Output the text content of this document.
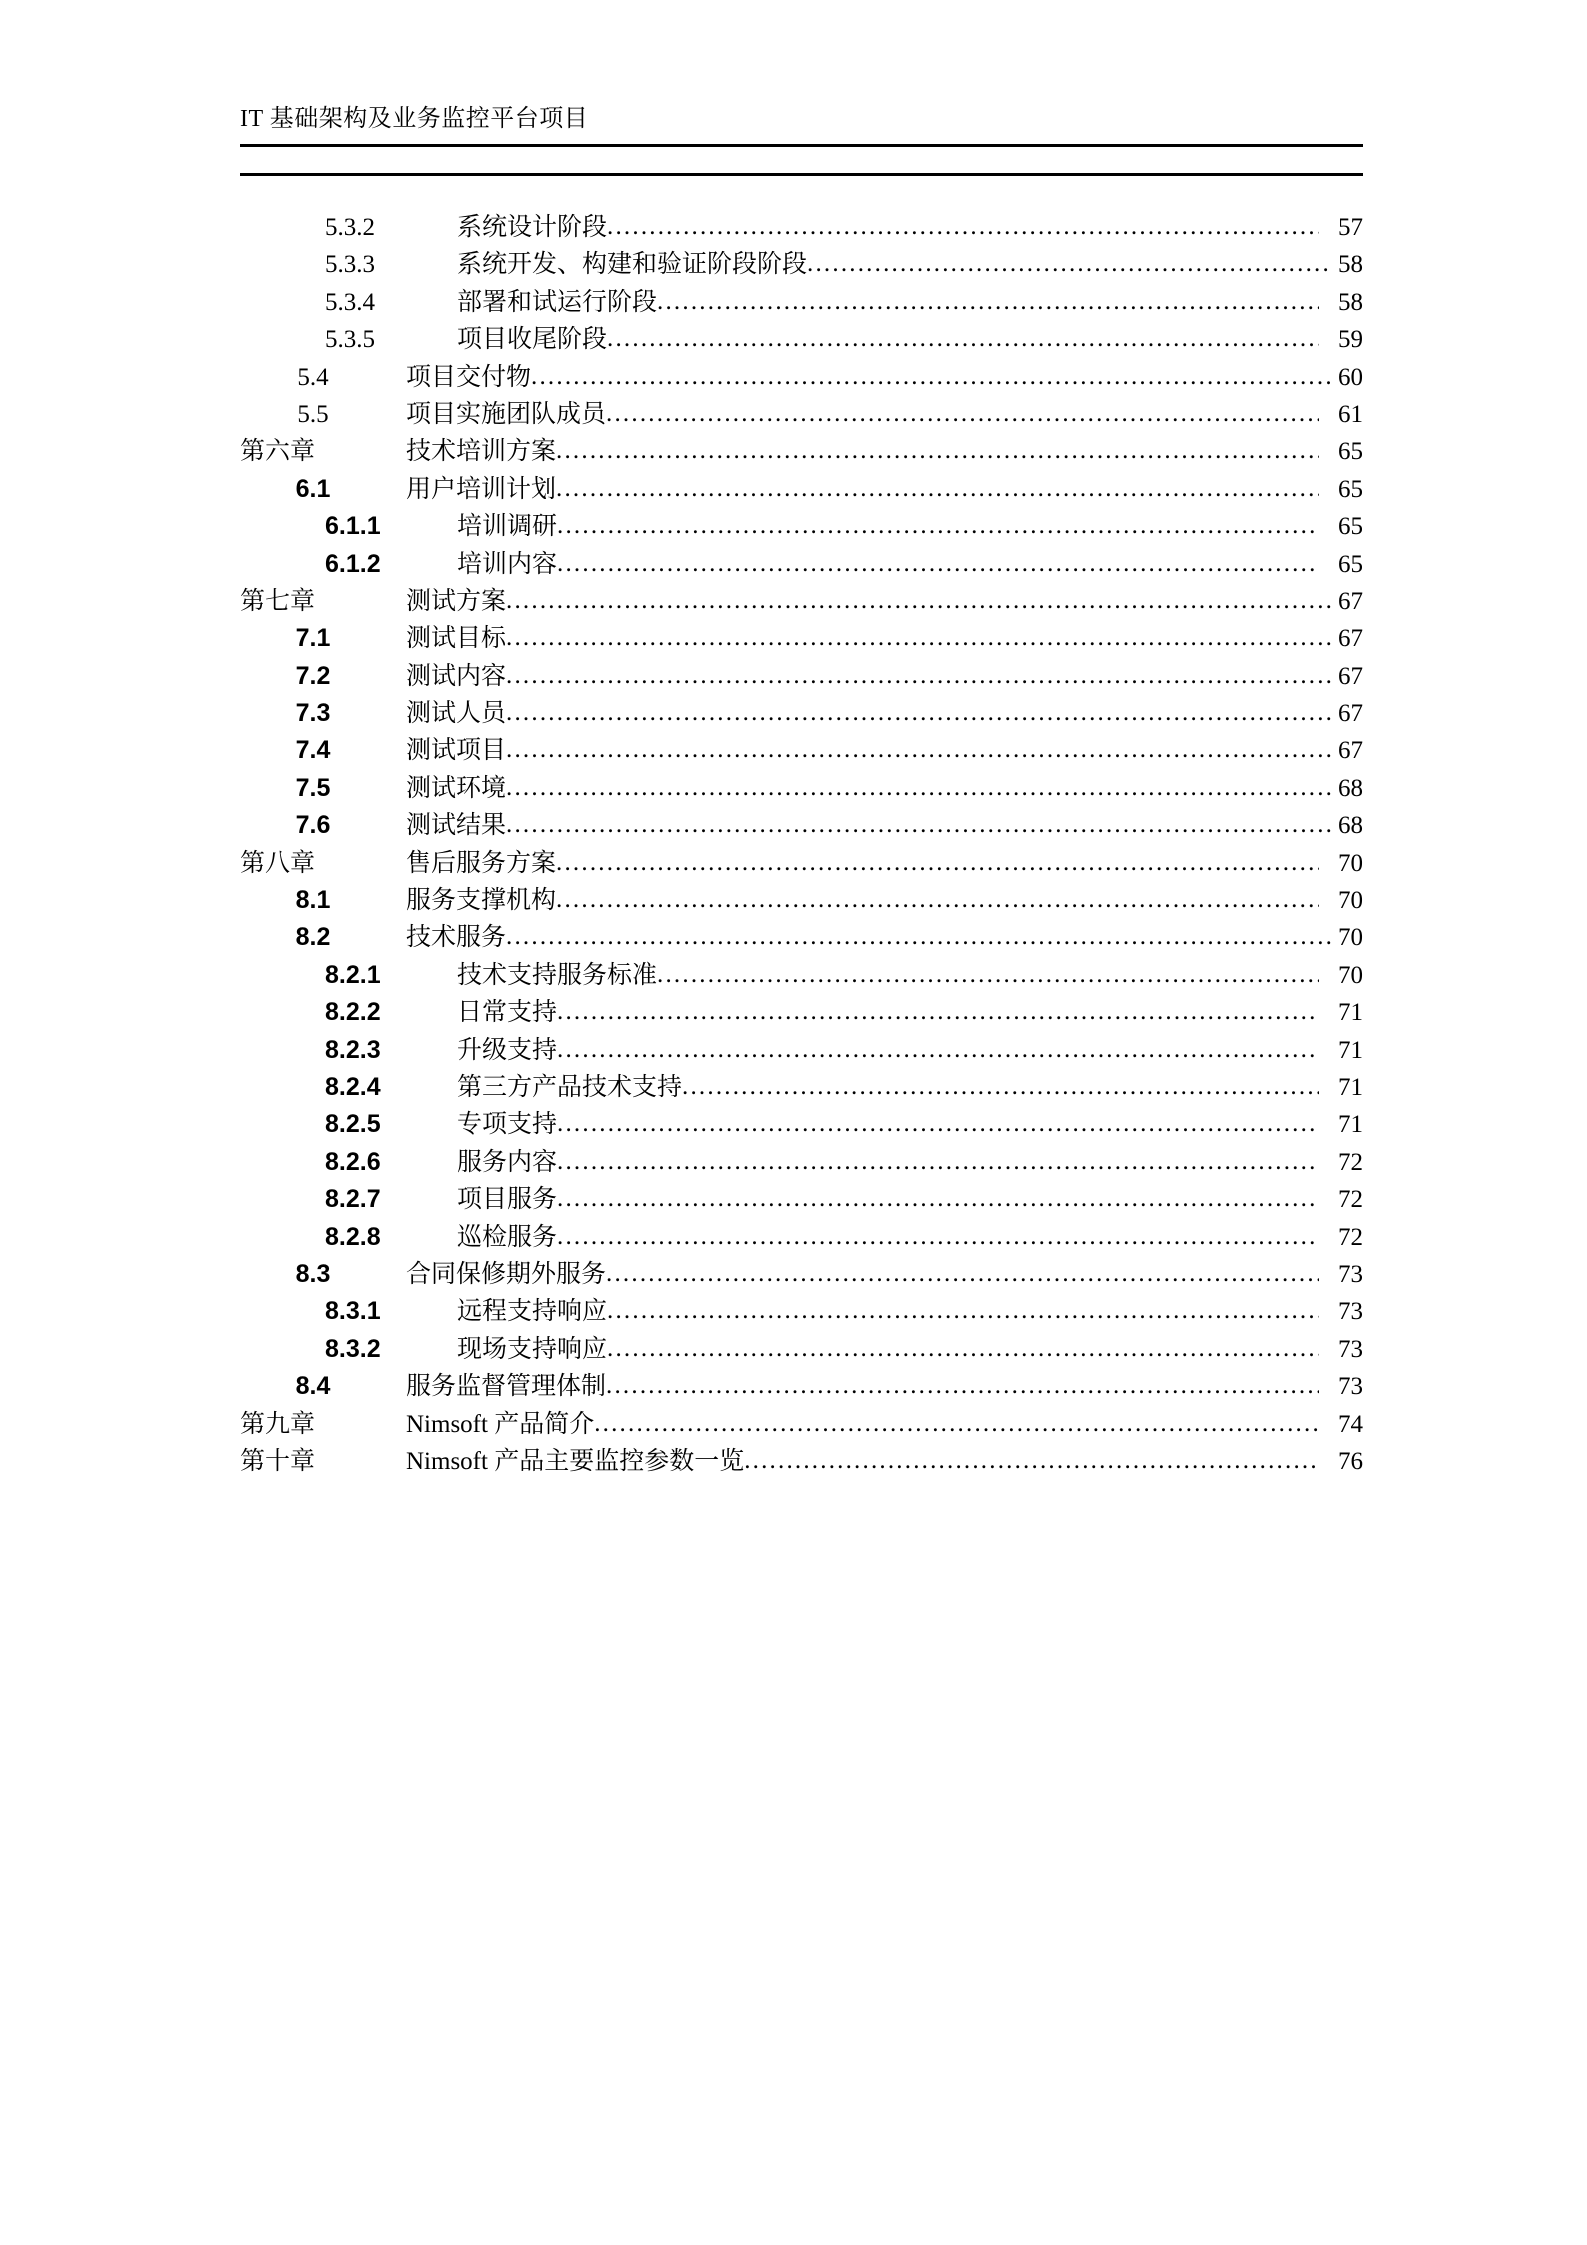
IT 基础架构及业务监控平台项目
5.3.2	系统设计阶段 .....	57
5.3.3	系统开发、构建和验证阶段阶段 .....	58
5.3.4	部署和试运行阶段 .....	58
5.3.5	项目收尾阶段 .....	59
5.4	项目交付物 .....	60
5.5	项目实施团队成员 .....	61
第六章	技术培训方案 .....	65
6.1	用户培训计划 .....	65
6.1.1	培训调研 .....	65
6.1.2	培训内容 .....	65
第七章	测试方案 .....	67
7.1	测试目标 .....	67
7.2	测试内容 .....	67
7.3	测试人员 .....	67
7.4	测试项目 .....	67
7.5	测试环境 .....	68
7.6	测试结果 .....	68
第八章	售后服务方案 .....	70
8.1	服务支撑机构 .....	70
8.2	技术服务 .....	70
8.2.1	技术支持服务标准 .....	70
8.2.2	日常支持 .....	71
8.2.3	升级支持 .....	71
8.2.4	第三方产品技术支持 .....	71
8.2.5	专项支持 .....	71
8.2.6	服务内容 .....	72
8.2.7	项目服务 .....	72
8.2.8	巡检服务 .....	72
8.3	合同保修期外服务 .....	73
8.3.1	远程支持响应 .....	73
8.3.2	现场支持响应 .....	73
8.4	服务监督管理体制 .....	73
第九章	Nimsoft 产品简介 .....	74
第十章	Nimsoft 产品主要监控参数一览 .....	76
